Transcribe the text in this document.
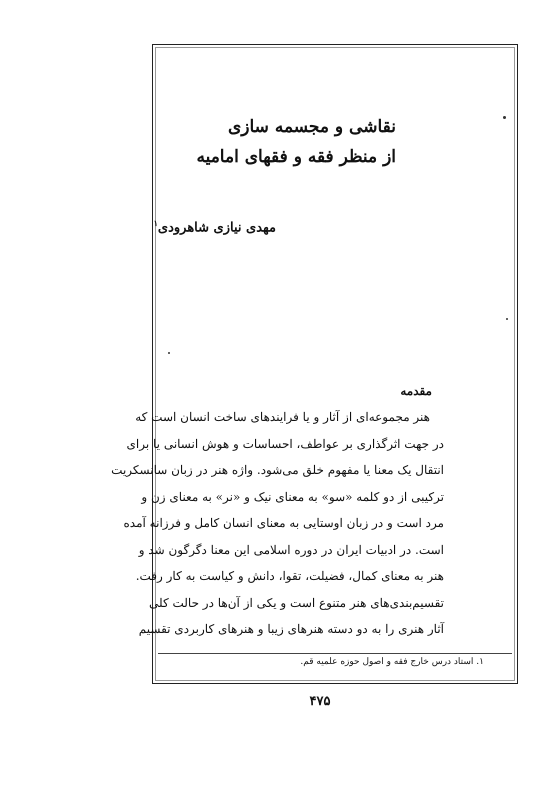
نقاشی و مجسمه سازی
از منظر فقه و فقهای امامیه
مهدی نیازی شاهرودی$^۱$
مقدمه
هنر مجموعه‌ای از آثار و یا فرایندهای ساخت انسان است که
در جهت اثرگذاری بر عواطف، احساسات و هوش انسانی یا برای
انتقال یک معنا یا مفهوم خلق می‌شود. واژه هنر در زبان سانسکریت
ترکیبی از دو کلمه «سو» به معنای نیک و «نر» به معنای زن و
مرد است و در زبان اوستایی به معنای انسان کامل و فرزانه آمده
است. در ادبیات ایران در دوره اسلامی این معنا دگرگون شد و
هنر به معنای کمال، فضیلت، تقوا، دانش و کیاست به کار رفت.
تقسیم‌بندی‌های هنر متنوع است و یکی از آن‌ها در حالت کلی
آثار هنری را به دو دسته هنرهای زیبا و هنرهای کاربردی تقسیم
۱. استاد درس خارج فقه و اصول حوزه علمیه قم.
۴۷۵
